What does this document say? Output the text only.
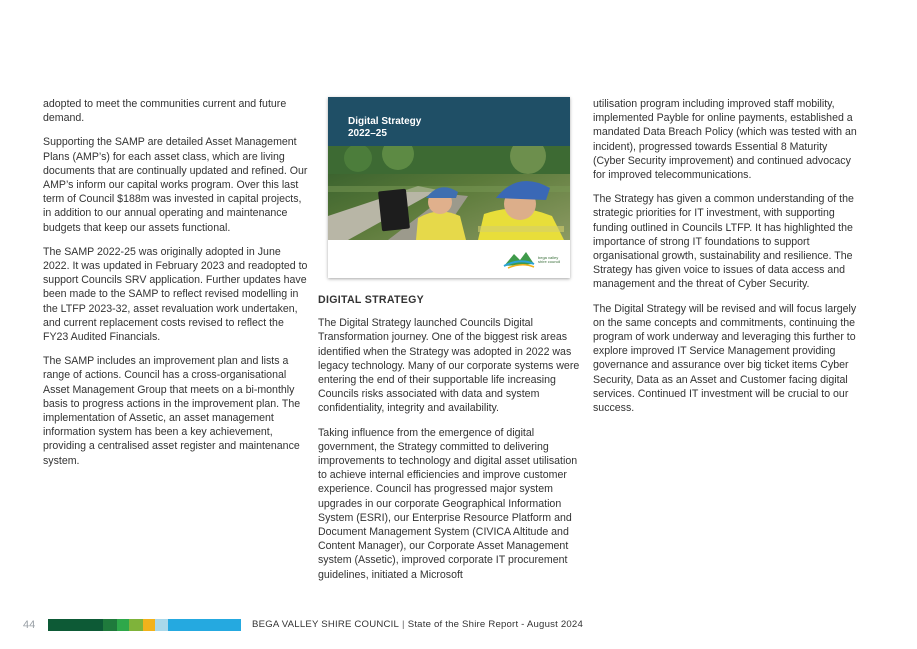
adopted to meet the communities current and future demand.

Supporting the SAMP are detailed Asset Management Plans (AMP’s) for each asset class, which are living documents that are continually updated and refined. Our AMP’s inform our capital works program. Over this last term of Council $188m was invested in capital projects, in addition to our annual operating and maintenance budgets that keep our assets functional.

The SAMP 2022-25 was originally adopted in June 2022. It was updated in February 2023 and readopted to support Councils SRV application. Further updates have been made to the SAMP to reflect revised modelling in the LTFP 2023-32, asset revaluation work undertaken, and current replacement costs revised to reflect the FY23 Audited Financials.

The SAMP includes an improvement plan and lists a range of actions. Council has a cross-organisational Asset Management Group that meets on a bi-monthly basis to progress actions in the improvement plan. The implementation of Assetic, an asset management information system has been a key achievement, providing a centralised asset register and maintenance system.

Digital Strategy
2022–25
bega valley
shire council
DIGITAL STRATEGY

The Digital Strategy launched Councils Digital Transformation journey. One of the biggest risk areas identified when the Strategy was adopted in 2022 was legacy technology. Many of our corporate systems were entering the end of their supportable life increasing Councils risks associated with data and system confidentiality, integrity and availability.

Taking influence from the emergence of digital government, the Strategy committed to delivering improvements to technology and digital asset utilisation to achieve internal efficiencies and improve customer experience. Council has progressed major system upgrades in our corporate Geographical Information System (ESRI), our Enterprise Resource Platform and Document Management System (CIVICA Altitude and Content Manager), our Corporate Asset Management system (Assetic), improved corporate IT procurement guidelines, initiated a Microsoft

utilisation program including improved staff mobility, implemented Payble for online payments, established a mandated Data Breach Policy (which was tested with an incident), progressed towards Essential 8 Maturity (Cyber Security improvement) and continued advocacy for improved telecommunications.

The Strategy has given a common understanding of the strategic priorities for IT investment, with supporting funding outlined in Councils LTFP. It has highlighted the importance of strong IT foundations to support organisational growth, sustainability and resilience. The Strategy has given voice to issues of data access and management and the threat of Cyber Security.

The Digital Strategy will be revised and will focus largely on the same concepts and commitments, continuing the program of work underway and leveraging this further to explore improved IT Service Management providing governance and assurance over big ticket items Cyber Security, Data as an Asset and Customer facing digital services. Continued IT investment will be crucial to our success.

44	BEGA VALLEY SHIRE COUNCIL | State of the Shire Report - August 2024
